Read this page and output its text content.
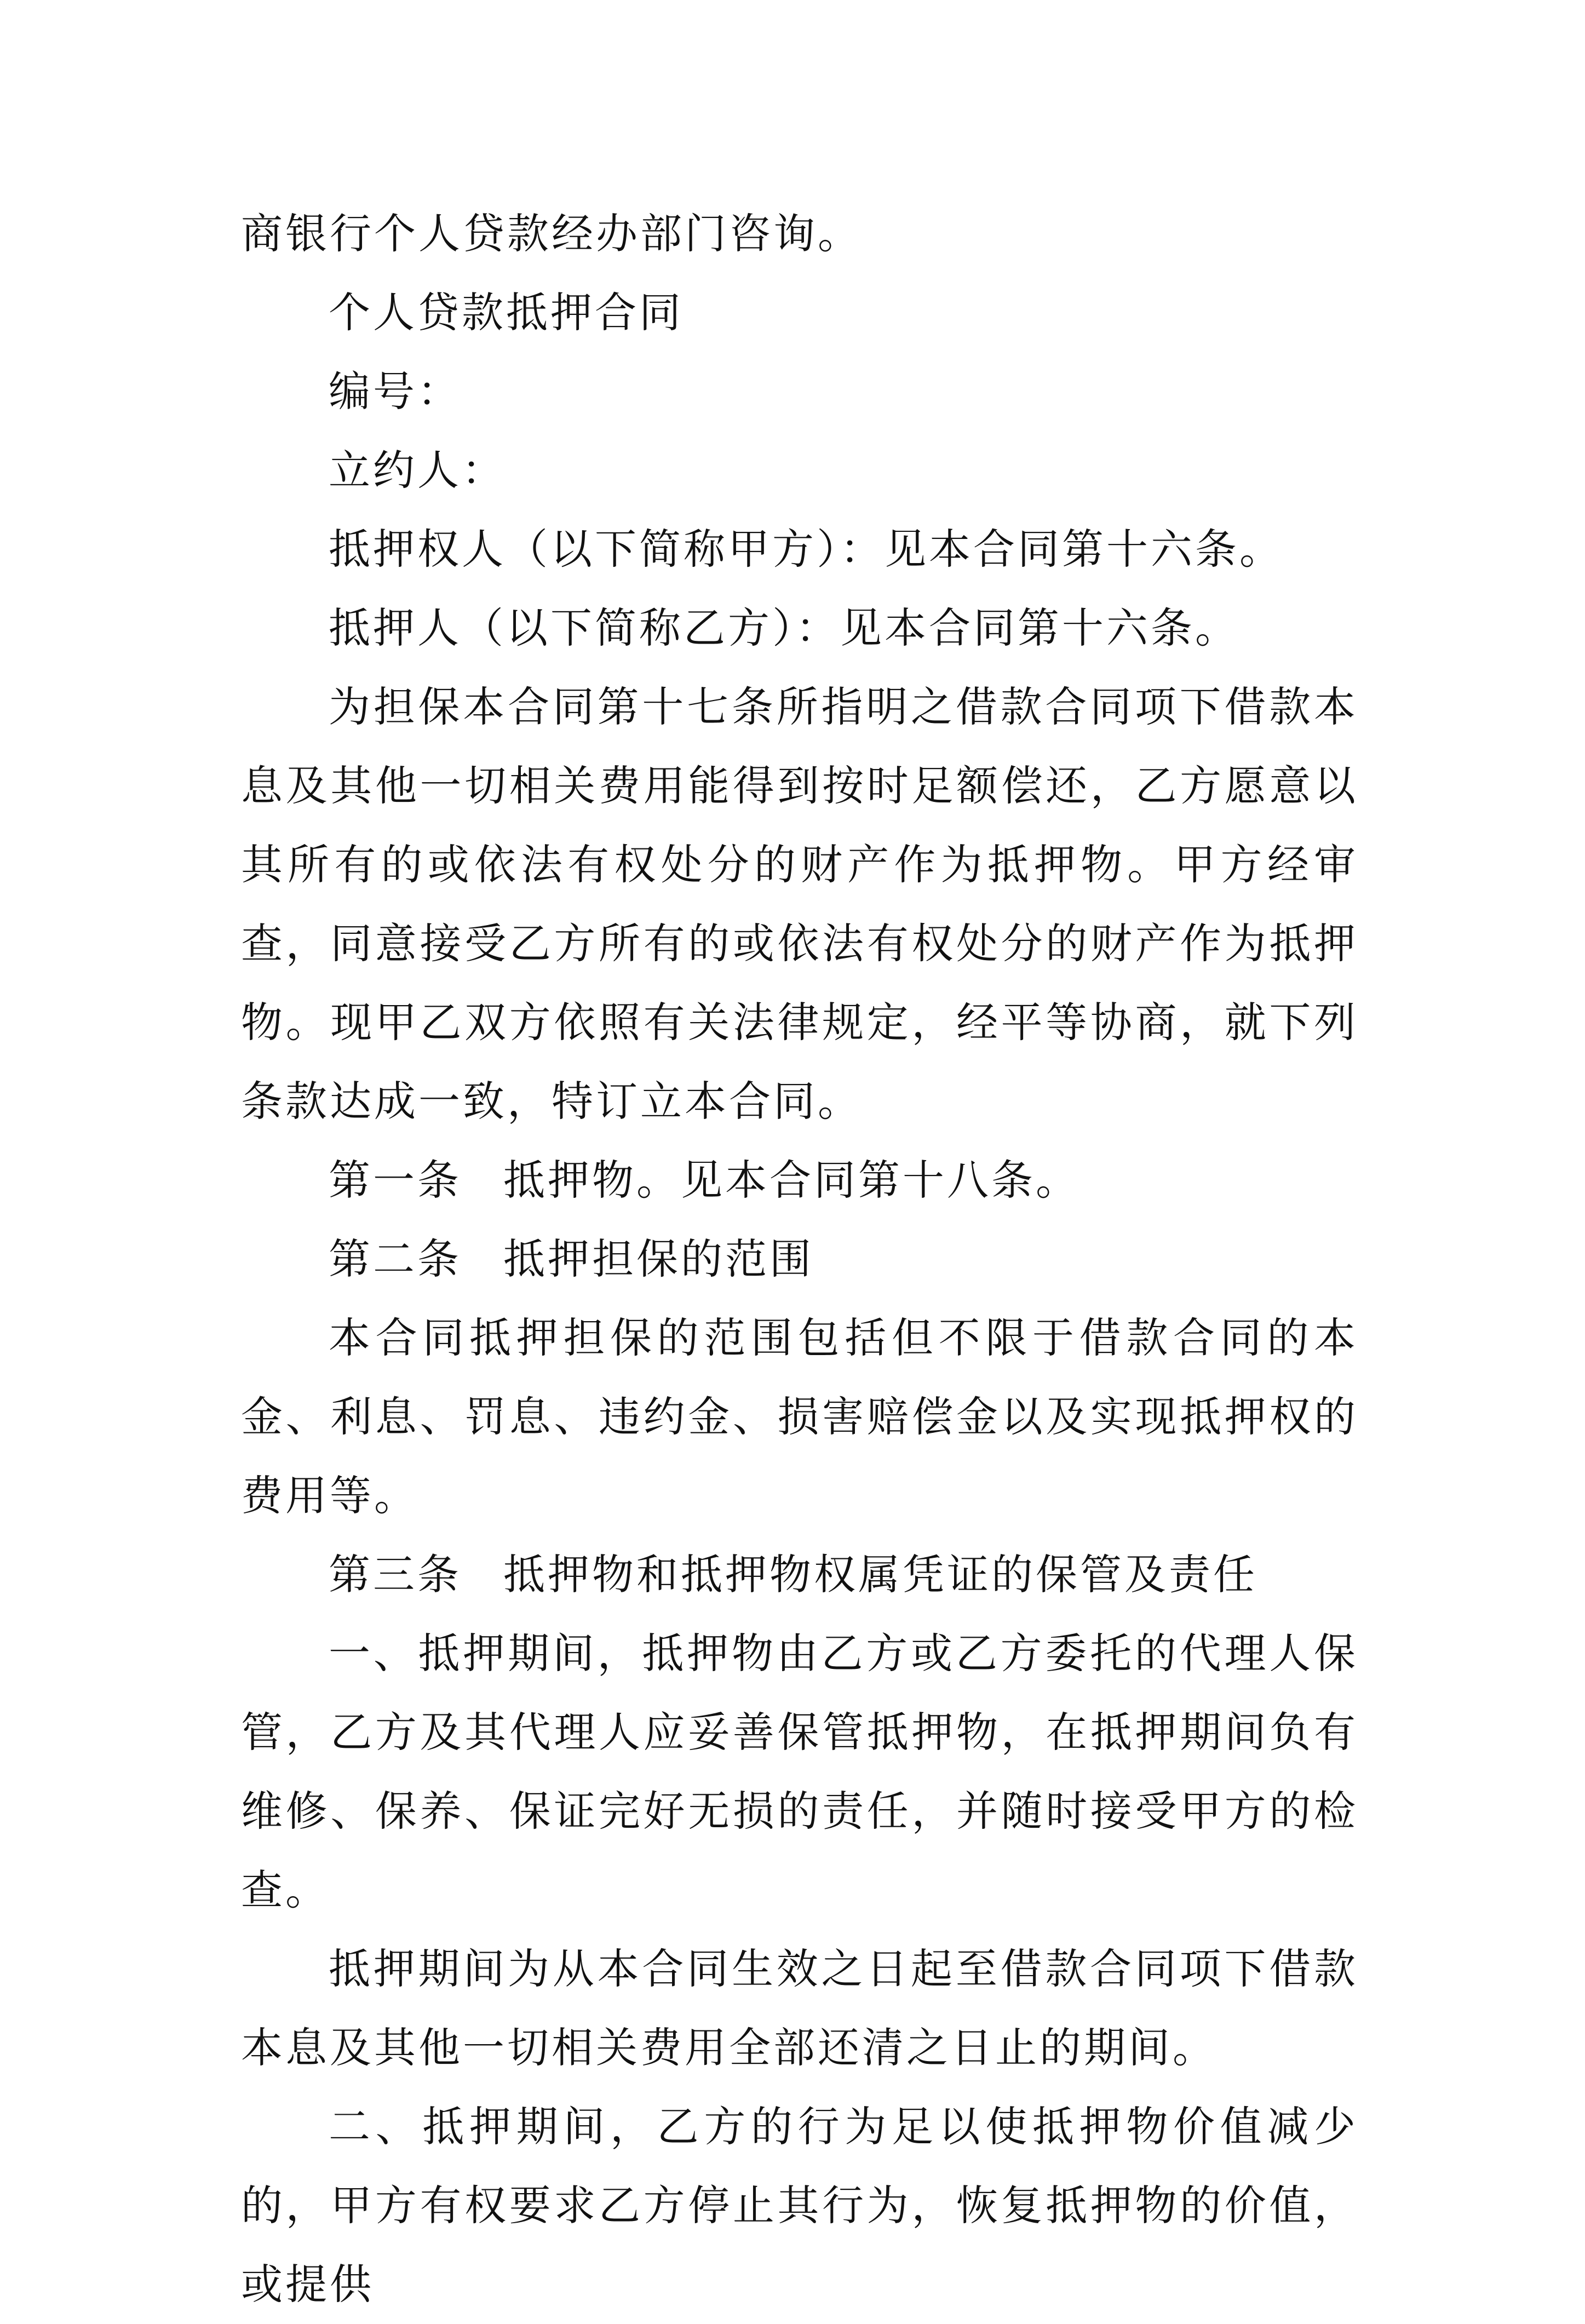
商银行个人贷款经办部门咨询。

个人贷款抵押合同

编号：

立约人：

抵押权人（以下简称甲方）：见本合同第十六条。

抵押人（以下简称乙方）：见本合同第十六条。

为担保本合同第十七条所指明之借款合同项下借款本息及其他一切相关费用能得到按时足额偿还，乙方愿意以其所有的或依法有权处分的财产作为抵押物。甲方经审查，同意接受乙方所有的或依法有权处分的财产作为抵押物。现甲乙双方依照有关法律规定，经平等协商，就下列条款达成一致，特订立本合同。

第一条 抵押物。见本合同第十八条。

第二条 抵押担保的范围

本合同抵押担保的范围包括但不限于借款合同的本金、利息、罚息、违约金、损害赔偿金以及实现抵押权的费用等。

第三条 抵押物和抵押物权属凭证的保管及责任

一、抵押期间，抵押物由乙方或乙方委托的代理人保管，乙方及其代理人应妥善保管抵押物，在抵押期间负有维修、保养、保证完好无损的责任，并随时接受甲方的检查。

抵押期间为从本合同生效之日起至借款合同项下借款本息及其他一切相关费用全部还清之日止的期间。

二、抵押期间，乙方的行为足以使抵押物价值减少的，甲方有权要求乙方停止其行为，恢复抵押物的价值，或提供
